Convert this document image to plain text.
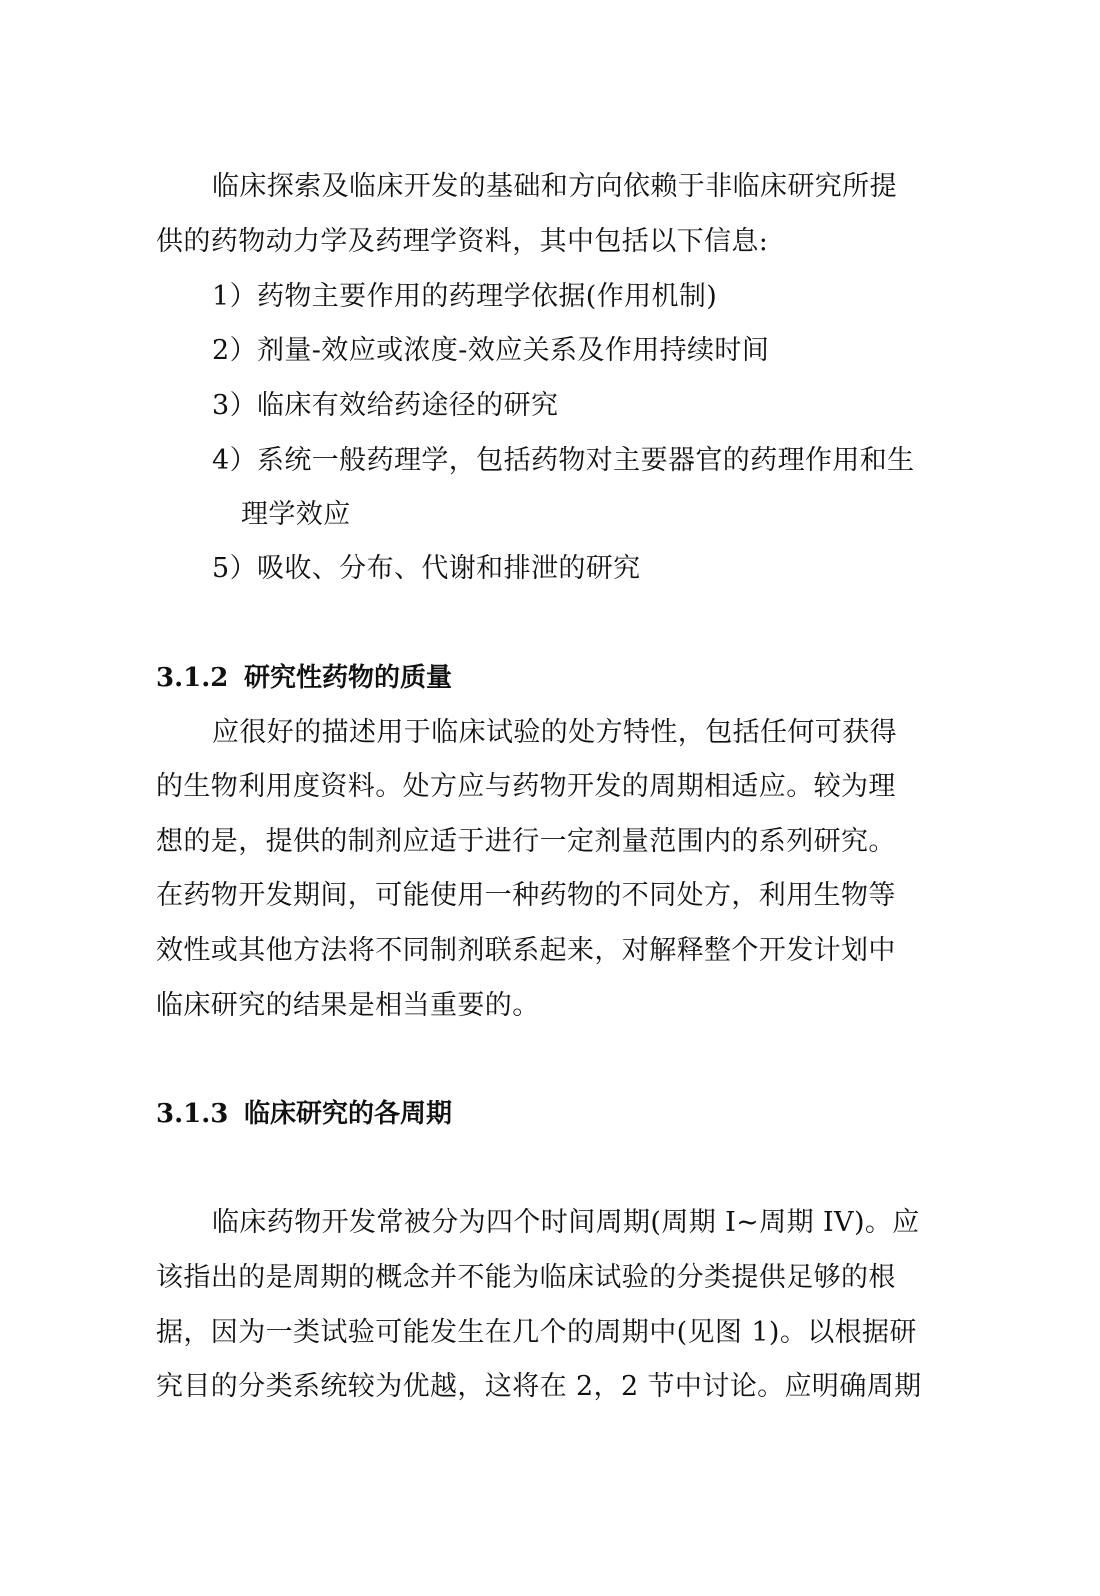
临床探索及临床开发的基础和方向依赖于非临床研究所提
供的药物动力学及药理学资料，其中包括以下信息:
1）药物主要作用的药理学依据(作用机制)
2）剂量-效应或浓度-效应关系及作用持续时间
3）临床有效给药途径的研究
4）系统一般药理学，包括药物对主要器官的药理作用和生
理学效应
5）吸收、分布、代谢和排泄的研究
3.1.2 研究性药物的质量
应很好的描述用于临床试验的处方特性，包括任何可获得
的生物利用度资料。处方应与药物开发的周期相适应。较为理
想的是，提供的制剂应适于进行一定剂量范围内的系列研究。
在药物开发期间，可能使用一种药物的不同处方，利用生物等
效性或其他方法将不同制剂联系起来，对解释整个开发计划中
临床研究的结果是相当重要的。
3.1.3 临床研究的各周期
临床药物开发常被分为四个时间周期(周期 I~周期 IV)。应
该指出的是周期的概念并不能为临床试验的分类提供足够的根
据，因为一类试验可能发生在几个的周期中(见图 1)。以根据研
究目的分类系统较为优越，这将在 2，2 节中讨论。应明确周期
